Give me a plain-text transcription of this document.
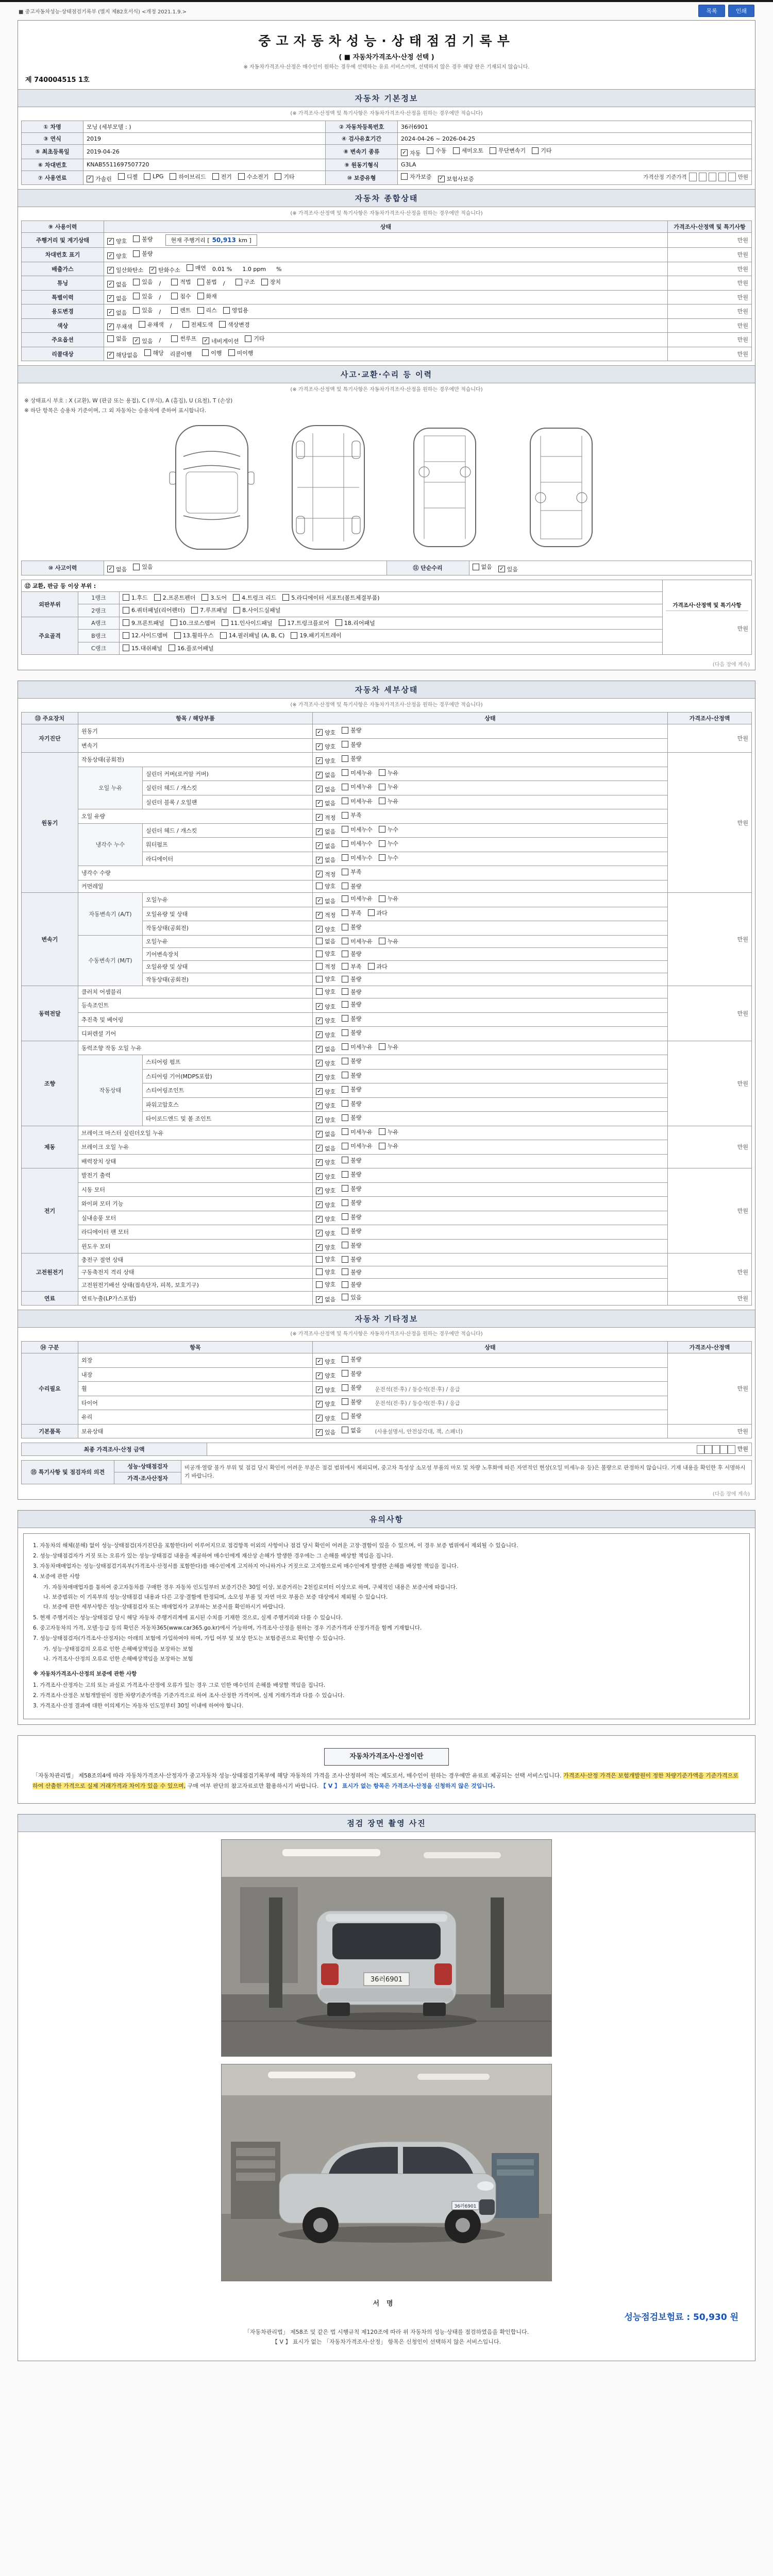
■ 중고자동차성능·상태점검기록부 (별지 제82호서식) <개정 2021.1.9.>	목록	인쇄
중고자동차성능·상태점검기록부
( ■ 자동차가격조사·산정 선택 )
※ 자동차가격조사·산정은 매수인이 원하는 경우에 선택하는 유료 서비스이며, 선택하지 않은 경우 해당 란은 기재되지 않습니다.
제 740004515 1호
자동차 기본정보
(※ 가격조사·산정액 및 특기사항은 자동차가격조사·산정을 원하는 경우에만 적습니다)
① 차명	모닝 (세부모델 : )	② 자동차등록번호	36러6901
③ 연식	2019	④ 검사유효기간	2024-04-26 ~ 2026-04-25
⑤ 최초등록일	2019-04-26	⑧ 변속기 종류	✓ 자동	수동	세미오토	무단변속기	기타

⑥ 차대번호	KNAB5511697507720	⑨ 원동기형식	G3LA
⑦ 사용연료	✓ 가솔린	디젤	LPG	하이브리드	전기	수소전기	기타	⑩ 보증유형	자가보증 ✓ 보험사보증	가격산정 기준가격	만원
자동차 종합상태
(※ 가격조사·산정액 및 특기사항은 자동차가격조사·산정을 원하는 경우에만 적습니다)
⑨ 사용이력	상태	가격조사·산정액 및 특기사항
주행거리 및 계기상태	✓ 양호	불량	현재 주행거리 [ 50,913 km ]	만원
차대번호 표기	✓ 양호 불량	만원
배출가스	✓ 일산화탄소 ✓ 탄화수소	매연 0.01 % 1.0 ppm %	만원
튜닝	✓ 없음	있음 /	적법	불법 /	구조	장치	만원
특별이력	✓ 없음	있음 /	침수	화재	만원
용도변경	✓ 없음	있음 /	렌트	리스	영업용	만원
색상	✓ 무채색	유채색 /	전체도색	색상변경	만원
주요옵션	없음 ✓ 있음 /	썬루프 ✓ 네비게이션	기타	만원
리콜대상	✓ 해당없음	해당 리콜이행	이행	미이행	만원
사고·교환·수리 등 이력
(※ 가격조사·산정액 및 특기사항은 자동차가격조사·산정을 원하는 경우에만 적습니다)
※ 상태표시 부호 : X (교환), W (판금 또는 용접), C (부식), A (흠집), U (요철), T (손상)
※ 하단 항목은 승용차 기준이며, 그 외 자동차는 승용차에 준하여 표시합니다.
⑩ 사고이력	✓ 없음	있음	⑪ 단순수리	없음 ✓ 있음
⑫ 교환, 판금 등 이상 부위 :			가격조사·산정액 및 특기사항
만원

외판부위	1랭크	1.후드 2.프론트펜더 3.도어 4.트렁크 리드 5.라디에이터 서포트(볼트체결부품)	

	2랭크	6.쿼터패널(리어펜더) 7.루프패널 8.사이드실패널	

주요골격	A랭크	9.프론트패널 10.크로스멤버 11.인사이드패널 17.트렁크플로어 18.리어패널	

	B랭크	12.사이드멤버 13.휠하우스 14.필러패널 (A, B, C) 19.패키지트레이	

	C랭크	15.대쉬패널 16.플로어패널	
(다음 장에 계속)
자동차 세부상태
(※ 가격조사·산정액 및 특기사항은 자동차가격조사·산정을 원하는 경우에만 적습니다)
⑬ 주요장치	항목 / 해당부품		상태	가격조사·산정액
자기진단	원동기		✓ 양호 불량	만원
	변속기		✓ 양호 불량	

원동기	작동상태(공회전)		✓ 양호 불량	만원
	오일 누유	실린더 커버(로커암 커버)	✓ 없음 미세누유 누유	

		실린더 헤드 / 개스킷	✓ 없음 미세누유 누유	

		실린더 블록 / 오일팬	✓ 없음 미세누유 누유	

	오일 유량		✓ 적정 부족	

	냉각수 누수	실린더 헤드 / 개스킷	✓ 없음 미세누수 누수	

		워터펌프	✓ 없음 미세누수 누수	

		라디에이터	✓ 없음 미세누수 누수	

	냉각수 수량		✓ 적정 부족	

	커먼레일		양호 불량	

변속기	자동변속기 (A/T)	오일누유	✓ 없음 미세누유 누유	만원
		오일유량 및 상태	✓ 적정 부족 과다	

		작동상태(공회전)	✓ 양호 불량	

	수동변속기 (M/T)	오일누유	없음 미세누유 누유	

		기어변속장치	양호 불량	

		오일유량 및 상태	적정 부족 과다	

		작동상태(공회전)	양호 불량	

동력전달	클러치 어셈블리		양호 불량	만원
	등속조인트		✓ 양호 불량	

	추진축 및 베어링		✓ 양호 불량	

	디퍼렌셜 기어		✓ 양호 불량	

조향	동력조향 작동 오일 누유		✓ 없음 미세누유 누유	만원
	작동상태	스티어링 펌프	✓ 양호 불량	

		스티어링 기어(MDPS포함)	✓ 양호 불량	

		스티어링조인트	✓ 양호 불량	

		파워고압호스	✓ 양호 불량	

		타이로드엔드 및 볼 조인트	✓ 양호 불량	

제동	브레이크 마스터 실린더오일 누유		✓ 없음 미세누유 누유	만원
	브레이크 오일 누유		✓ 없음 미세누유 누유	

	배력장치 상태		✓ 양호 불량	

전기	발전기 출력		✓ 양호 불량	만원
	시동 모터		✓ 양호 불량	

	와이퍼 모터 기능		✓ 양호 불량	

	실내송풍 모터		✓ 양호 불량	

	라디에이터 팬 모터		✓ 양호 불량	

	윈도우 모터		✓ 양호 불량	

고전원전기	충전구 절연 상태		양호 불량	만원
	구동축전지 격리 상태		양호 불량	

	고전원전기배선 상태(접속단자, 피복, 보호기구)		양호 불량	

연료	연료누출(LP가스포함)		✓ 없음 있음	만원
자동차 기타정보
(※ 가격조사·산정액 및 특기사항은 자동차가격조사·산정을 원하는 경우에만 적습니다)
⑭ 구분	항목	상태	가격조사·산정액
수리필요	외장	✓ 양호 불량	만원
	내장	✓ 양호 불량	

	휠	✓ 양호 불량 운전석(전·후) / 동승석(전·후) / 응급	
	타이어	✓ 양호 불량 운전석(전·후) / 동승석(전·후) / 응급	
	유리	✓ 양호 불량	

기본품목	보유상태	✓ 있음 없음 (사용설명서, 안전삼각대, 잭, 스패너)	만원
최종 가격조사·산정 금액	만원
⑮ 특기사항 및 점검자의 의견	성능·상태점검자	비공개·열람 불가 부위 및 점검 당시 확인이 어려운 부분은 점검 범위에서 제외되며, 중고차 특성상 소모성 부품의 마모 및 차량 노후화에 따른 자연적인 현상(오일 미세누유 등)은 불량으로 판정하지 않습니다. 기재 내용을 확인한 후 서명하시기 바랍니다.
가격·조사산정자
(다음 장에 계속)
유의사항
1. 자동차의 해체(분해) 없이 성능·상태점검(자기진단을 포함한다)이 이루어지므로 점검항목 이외의 사항이나 점검 당시 확인이 어려운 고장·결함이 있을 수 있으며, 이 경우 보증 범위에서 제외될 수 있습니다.
2. 성능·상태점검자가 거짓 또는 오류가 있는 성능·상태점검 내용을 제공하여 매수인에게 재산상 손해가 발생한 경우에는 그 손해를 배상할 책임을 집니다.
3. 자동차매매업자는 성능·상태점검기록부(가격조사·산정서를 포함한다)를 매수인에게 고지하지 아니하거나 거짓으로 고지함으로써 매수인에게 발생한 손해를 배상할 책임을 집니다.
4. 보증에 관한 사항
가. 자동차매매업자를 통하여 중고자동차를 구매한 경우 자동차 인도일부터 보증기간은 30일 이상, 보증거리는 2천킬로미터 이상으로 하며, 구체적인 내용은 보증서에 따릅니다.
나. 보증범위는 이 기록부의 성능·상태점검 내용과 다른 고장·결함에 한정되며, 소모성 부품 및 자연 마모 부품은 보증 대상에서 제외될 수 있습니다.
다. 보증에 관한 세부사항은 성능·상태점검자 또는 매매업자가 교부하는 보증서를 확인하시기 바랍니다.
5. 현재 주행거리는 성능·상태점검 당시 해당 자동차 주행거리계에 표시된 수치를 기재한 것으로, 실제 주행거리와 다를 수 있습니다.
6. 중고자동차의 가격, 모델·등급 등의 확인은 자동차365(www.car365.go.kr)에서 가능하며, 가격조사·산정을 원하는 경우 기준가격과 산정가격을 함께 기재합니다.
7. 성능·상태점검자(가격조사·산정자)는 아래의 보험에 가입하여야 하며, 가입 여부 및 보상 한도는 보험증권으로 확인할 수 있습니다.
가. 성능·상태점검의 오류로 인한 손해배상책임을 보장하는 보험
나. 가격조사·산정의 오류로 인한 손해배상책임을 보장하는 보험
※ 자동차가격조사·산정의 보증에 관한 사항
1. 가격조사·산정자는 고의 또는 과실로 가격조사·산정에 오류가 있는 경우 그로 인한 매수인의 손해를 배상할 책임을 집니다.
2. 가격조사·산정은 보험개발원이 정한 차량기준가액을 기준가격으로 하여 조사·산정한 가격이며, 실제 거래가격과 다를 수 있습니다.
3. 가격조사·산정 결과에 대한 이의제기는 자동차 인도일부터 30일 이내에 하여야 합니다.
자동차가격조사·산정이란
「자동차관리법」 제58조의4에 따라 자동차가격조사·산정자가 중고자동차 성능·상태점검기록부에 해당 자동차의 가격을 조사·산정하여 적는 제도로서, 매수인이 원하는 경우에만 유료로 제공되는 선택 서비스입니다. 가격조사·산정 가격은 보험개발원이 정한 차량기준가액을 기준가격으로 하여 산출한 가격으로 실제 거래가격과 차이가 있을 수 있으며, 구매 여부 판단의 참고자료로만 활용하시기 바랍니다. 【 V 】 표시가 없는 항목은 가격조사·산정을 신청하지 않은 것입니다.
점검 장면 촬영 사진
36러6901
36러6901
서명
성능점검보험료 : 50,930 원
「자동차관리법」 제58조 및 같은 법 시행규칙 제120조에 따라 위 자동차의 성능·상태를 점검하였음을 확인합니다.
【 V 】 표시가 없는 「자동차가격조사·산정」 항목은 신청인이 선택하지 않은 서비스입니다.
